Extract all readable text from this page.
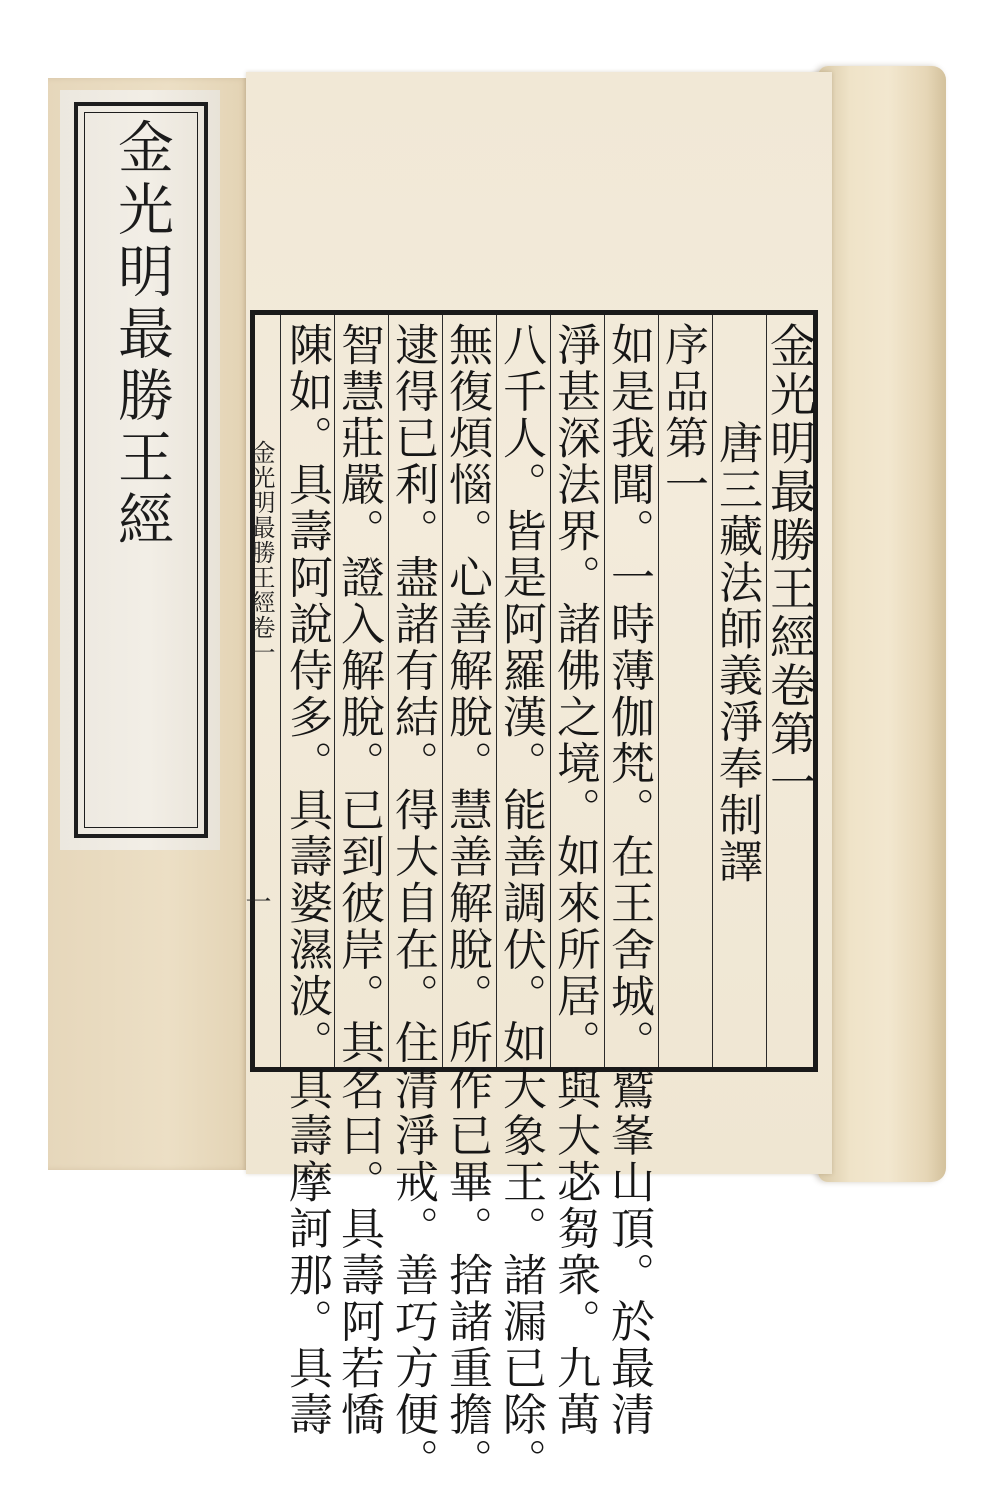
金光明最勝王經	金光明最勝王經卷第一
唐三藏法師義淨奉制譯
序品第一
如是我聞。一時薄伽梵。在王舍城。鷲峯山頂。於最清
淨甚深法界。諸佛之境。如來所居。與大苾芻衆。九萬
八千人。皆是阿羅漢。能善調伏。如大象王。諸漏已除。
無復煩惱。心善解脫。慧善解脫。所作已畢。捨諸重擔。
逮得已利。盡諸有結。得大自在。住清淨戒。善巧方便。
智慧莊嚴。證入解脫。已到彼岸。其名曰。具壽阿若憍
陳如。具壽阿說侍多。具壽婆濕波。具壽摩訶那。具壽
金光明最勝王經卷一
一
